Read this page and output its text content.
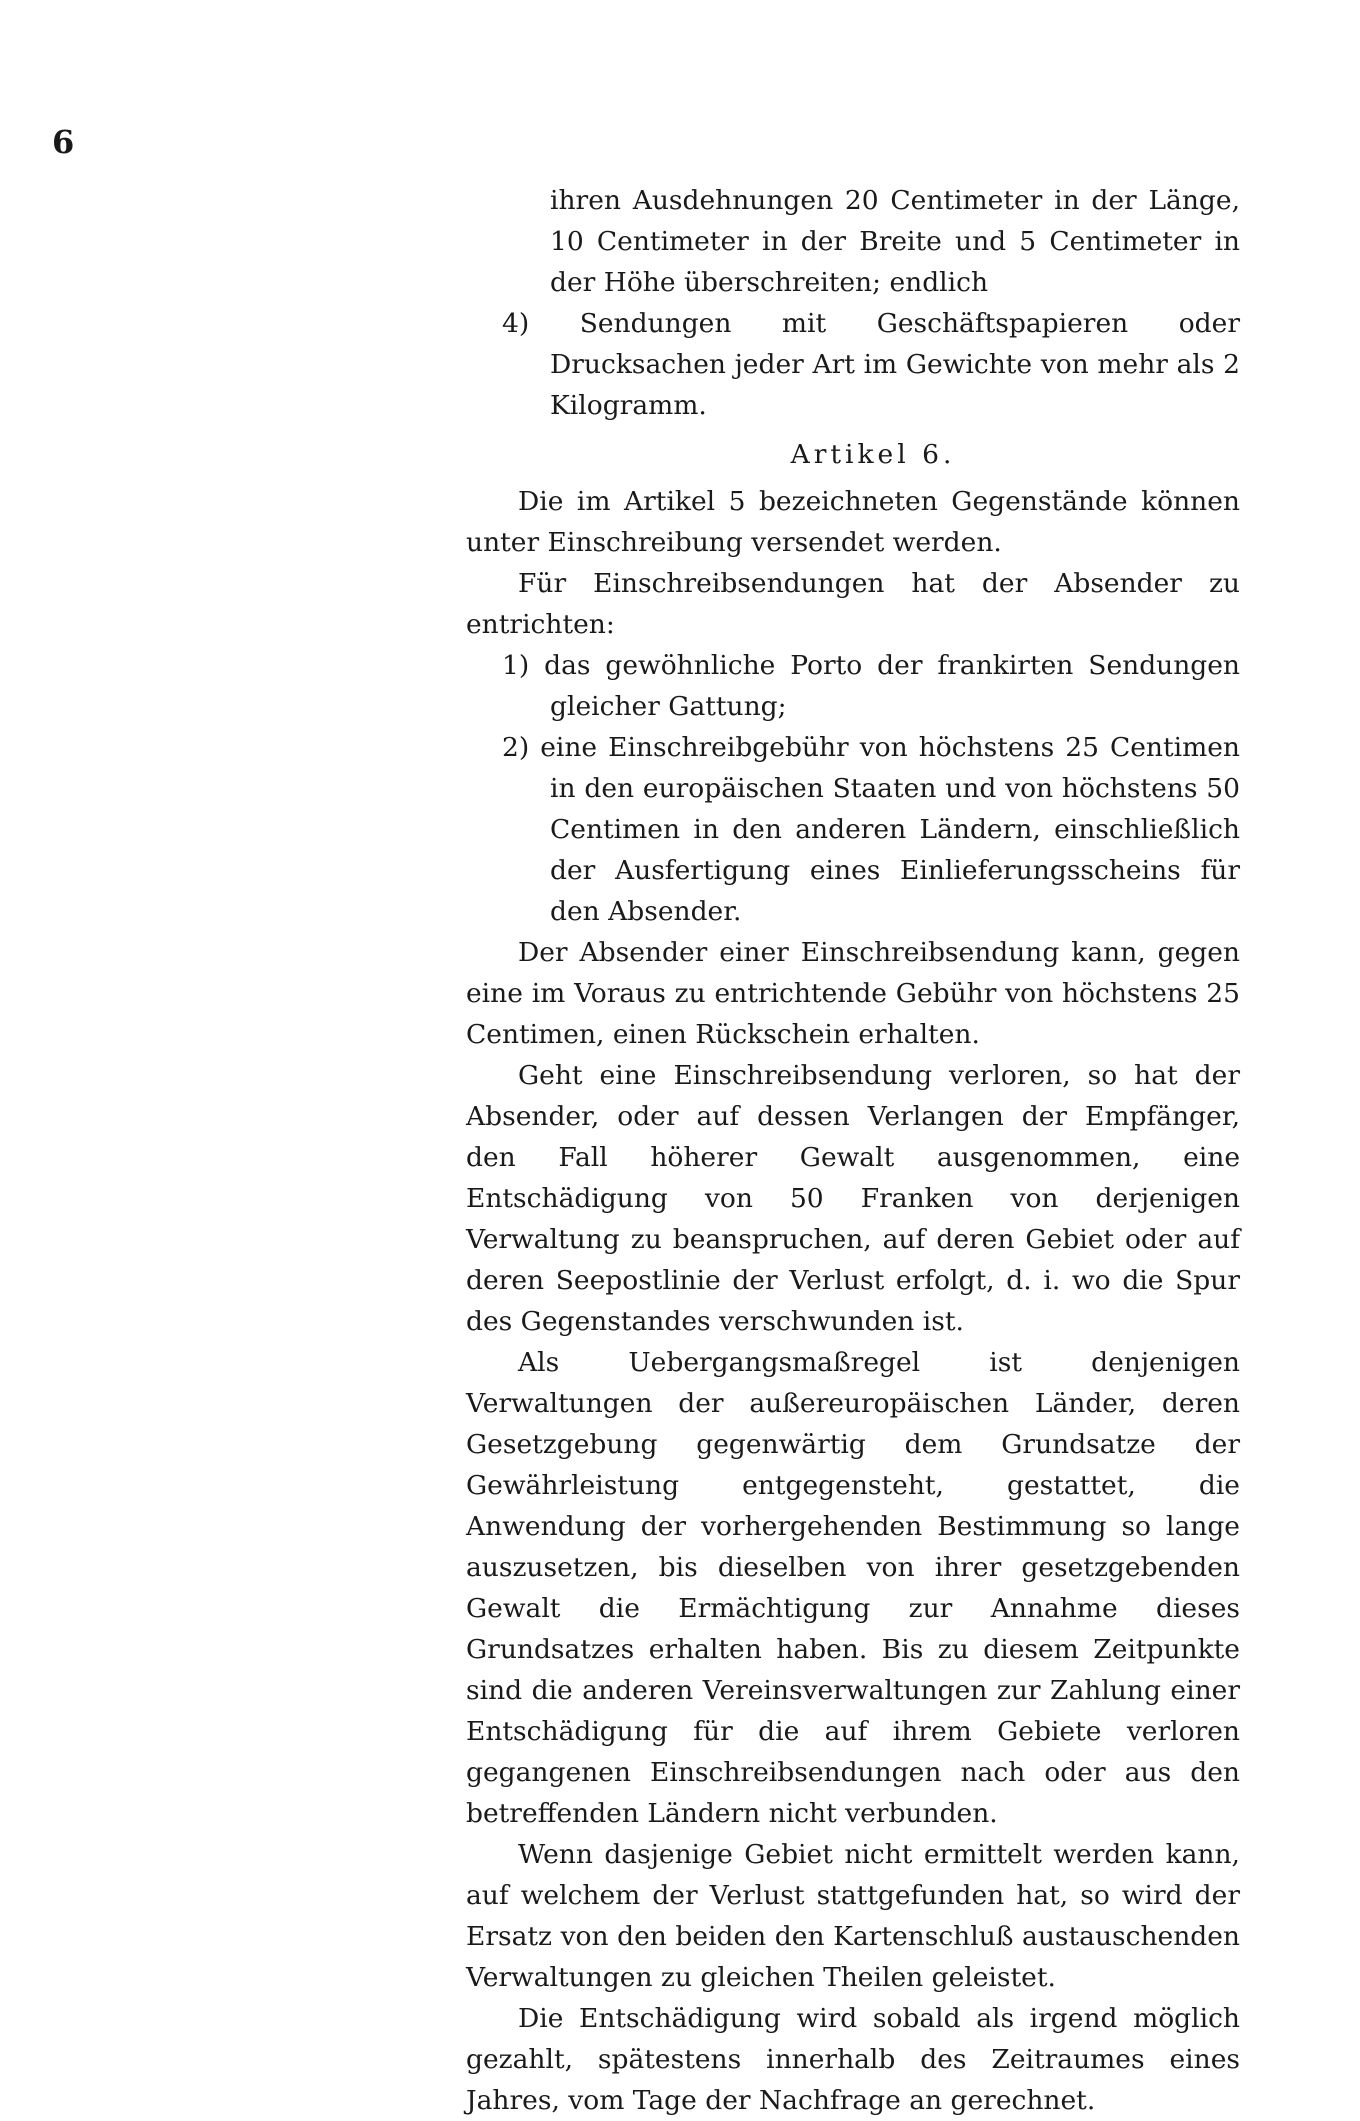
6

ihren Ausdehnungen 20 Centimeter in der Länge, 10 Centimeter in der Breite und 5 Centimeter in der Höhe überschreiten; endlich

4) Sendungen mit Geschäftspapieren oder Drucksachen jeder Art im Gewichte von mehr als 2 Kilogramm.

Artikel 6.

Die im Artikel 5 bezeichneten Gegenstände können unter Einschreibung versendet werden.

Für Einschreibsendungen hat der Absender zu entrichten:

1) das gewöhnliche Porto der frankirten Sendungen gleicher Gattung;

2) eine Einschreibgebühr von höchstens 25 Centimen in den europäischen Staaten und von höchstens 50 Centimen in den anderen Ländern, einschließlich der Ausfertigung eines Einlieferungsscheins für den Absender.

Der Absender einer Einschreibsendung kann, gegen eine im Voraus zu entrichtende Gebühr von höchstens 25 Centimen, einen Rückschein erhalten.

Geht eine Einschreibsendung verloren, so hat der Absender, oder auf dessen Verlangen der Empfänger, den Fall höherer Gewalt ausgenommen, eine Entschädigung von 50 Franken von derjenigen Verwaltung zu beanspruchen, auf deren Gebiet oder auf deren Seepostlinie der Verlust erfolgt, d. i. wo die Spur des Gegenstandes verschwunden ist.

Als Uebergangsmaßregel ist denjenigen Verwaltungen der außereuropäischen Länder, deren Gesetzgebung gegenwärtig dem Grundsatze der Gewährleistung entgegensteht, gestattet, die Anwendung der vorhergehenden Bestimmung so lange auszusetzen, bis dieselben von ihrer gesetzgebenden Gewalt die Ermächtigung zur Annahme dieses Grundsatzes erhalten haben. Bis zu diesem Zeitpunkte sind die anderen Vereinsverwaltungen zur Zahlung einer Entschädigung für die auf ihrem Gebiete verloren gegangenen Einschreibsendungen nach oder aus den betreffenden Ländern nicht verbunden.

Wenn dasjenige Gebiet nicht ermittelt werden kann, auf welchem der Verlust stattgefunden hat, so wird der Ersatz von den beiden den Kartenschluß austauschenden Verwaltungen zu gleichen Theilen geleistet.

Die Entschädigung wird sobald als irgend möglich gezahlt, spätestens innerhalb des Zeitraumes eines Jahres, vom Tage der Nachfrage an gerechnet.
